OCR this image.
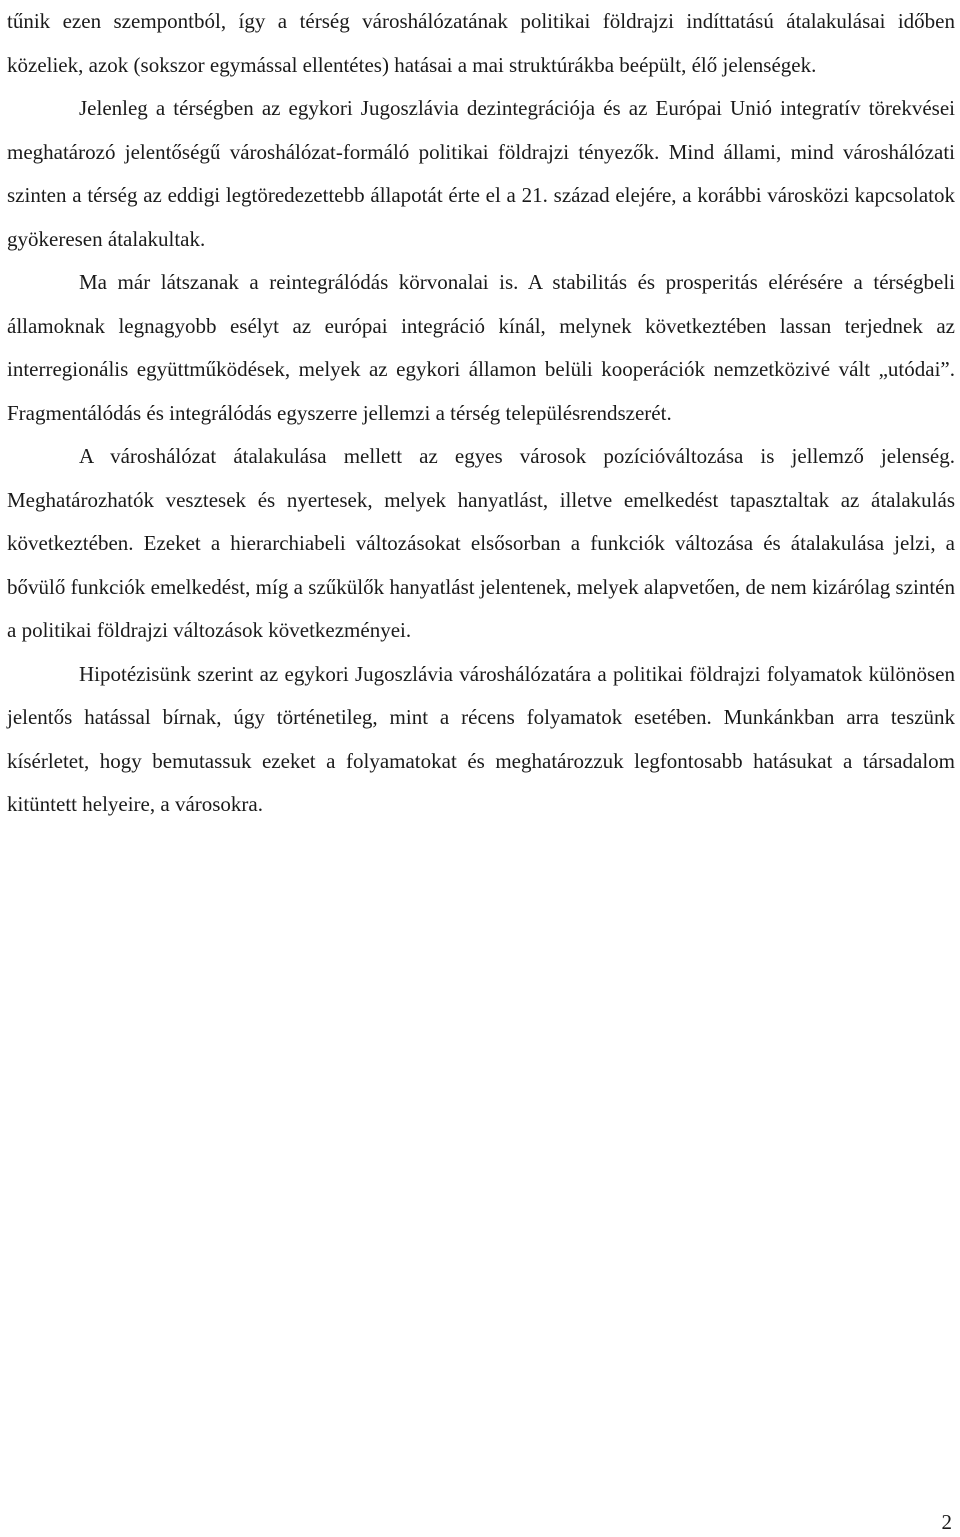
tűnik ezen szempontból, így a térség városhálózatának politikai földrajzi indíttatású átalakulásai időben közeliek, azok (sokszor egymással ellentétes) hatásai a mai struktúrákba beépült, élő jelenségek.

Jelenleg a térségben az egykori Jugoszlávia dezintegrációja és az Európai Unió integratív törekvései meghatározó jelentőségű városhálózat-formáló politikai földrajzi tényezők. Mind állami, mind városhálózati szinten a térség az eddigi legtöredezettebb állapotát érte el a 21. század elejére, a korábbi városközi kapcsolatok gyökeresen átalakultak.

Ma már látszanak a reintegrálódás körvonalai is. A stabilitás és prosperitás elérésére a térségbeli államoknak legnagyobb esélyt az európai integráció kínál, melynek következtében lassan terjednek az interregionális együttműködések, melyek az egykori államon belüli kooperációk nemzetközivé vált „utódai”. Fragmentálódás és integrálódás egyszerre jellemzi a térség településrendszerét.

A városhálózat átalakulása mellett az egyes városok pozícióváltozása is jellemző jelenség. Meghatározhatók vesztesek és nyertesek, melyek hanyatlást, illetve emelkedést tapasztaltak az átalakulás következtében. Ezeket a hierarchiabeli változásokat elsősorban a funkciók változása és átalakulása jelzi, a bővülő funkciók emelkedést, míg a szűkülők hanyatlást jelentenek, melyek alapvetően, de nem kizárólag szintén a politikai földrajzi változások következményei.

Hipotézisünk szerint az egykori Jugoszlávia városhálózatára a politikai földrajzi folyamatok különösen jelentős hatással bírnak, úgy történetileg, mint a récens folyamatok esetében. Munkánkban arra teszünk kísérletet, hogy bemutassuk ezeket a folyamatokat és meghatározzuk legfontosabb hatásukat a társadalom kitüntett helyeire, a városokra.

2
